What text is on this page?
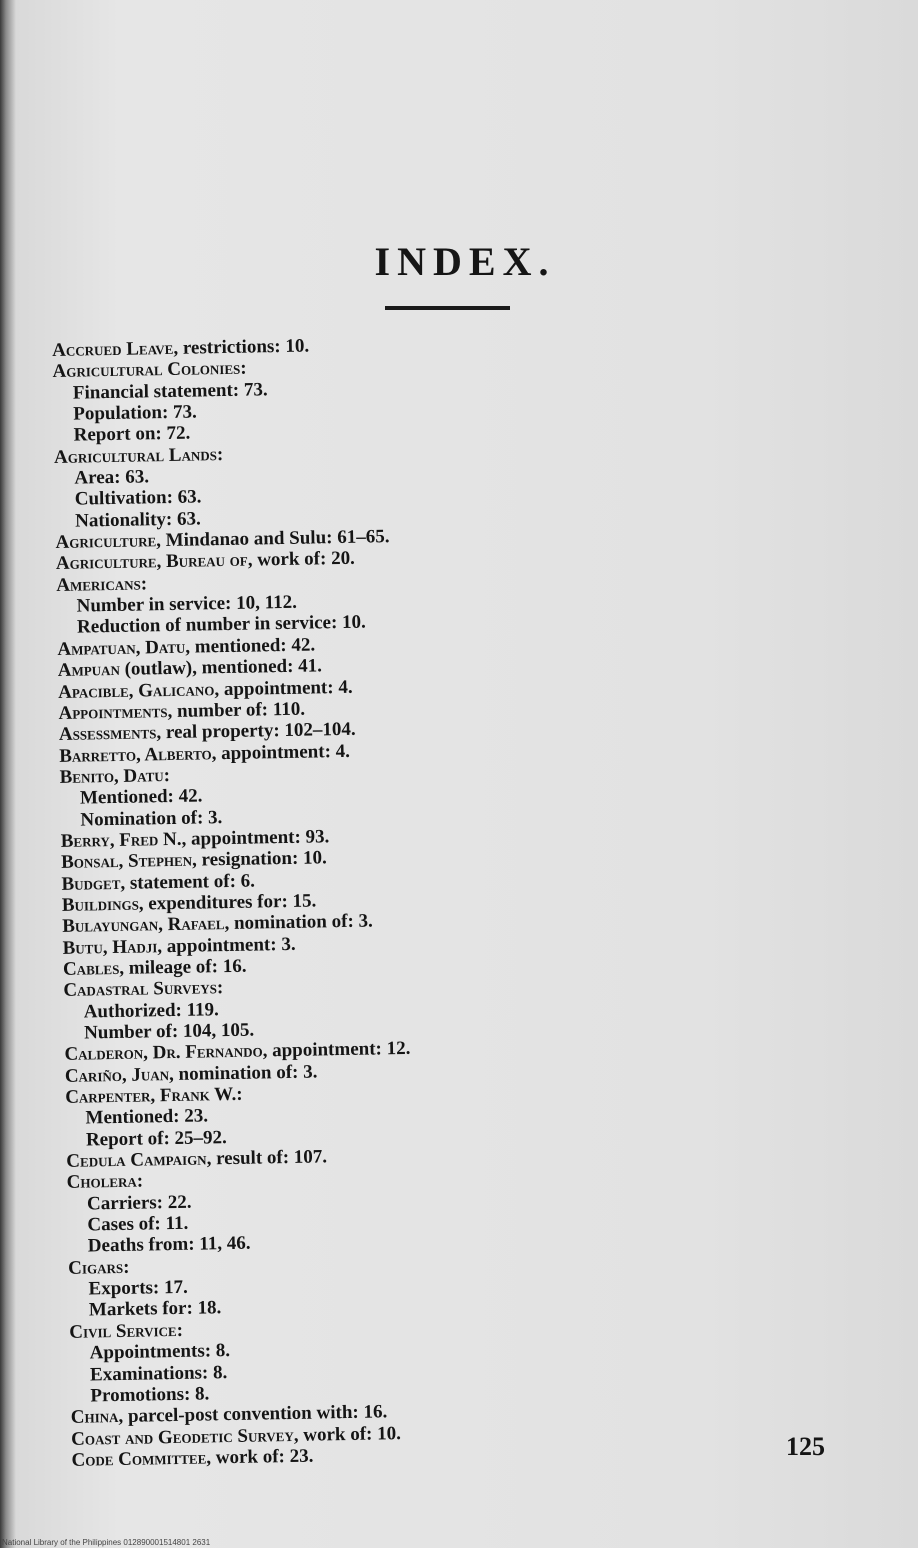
INDEX.
Accrued Leave, restrictions: 10.
Agricultural Colonies:
Financial statement: 73.
Population: 73.
Report on: 72.
Agricultural Lands:
Area: 63.
Cultivation: 63.
Nationality: 63.
Agriculture, Mindanao and Sulu: 61–65.
Agriculture, Bureau of, work of: 20.
Americans:
Number in service: 10, 112.
Reduction of number in service: 10.
Ampatuan, Datu, mentioned: 42.
Ampuan (outlaw), mentioned: 41.
Apacible, Galicano, appointment: 4.
Appointments, number of: 110.
Assessments, real property: 102–104.
Barretto, Alberto, appointment: 4.
Benito, Datu:
Mentioned: 42.
Nomination of: 3.
Berry, Fred N., appointment: 93.
Bonsal, Stephen, resignation: 10.
Budget, statement of: 6.
Buildings, expenditures for: 15.
Bulayungan, Rafael, nomination of: 3.
Butu, Hadji, appointment: 3.
Cables, mileage of: 16.
Cadastral Surveys:
Authorized: 119.
Number of: 104, 105.
Calderon, Dr. Fernando, appointment: 12.
Cariño, Juan, nomination of: 3.
Carpenter, Frank W.:
Mentioned: 23.
Report of: 25–92.
Cedula Campaign, result of: 107.
Cholera:
Carriers: 22.
Cases of: 11.
Deaths from: 11, 46.
Cigars:
Exports: 17.
Markets for: 18.
Civil Service:
Appointments: 8.
Examinations: 8.
Promotions: 8.
China, parcel-post convention with: 16.
Coast and Geodetic Survey, work of: 10.
Code Committee, work of: 23.	125
National Library of the Philippines 012890001514801 2631
